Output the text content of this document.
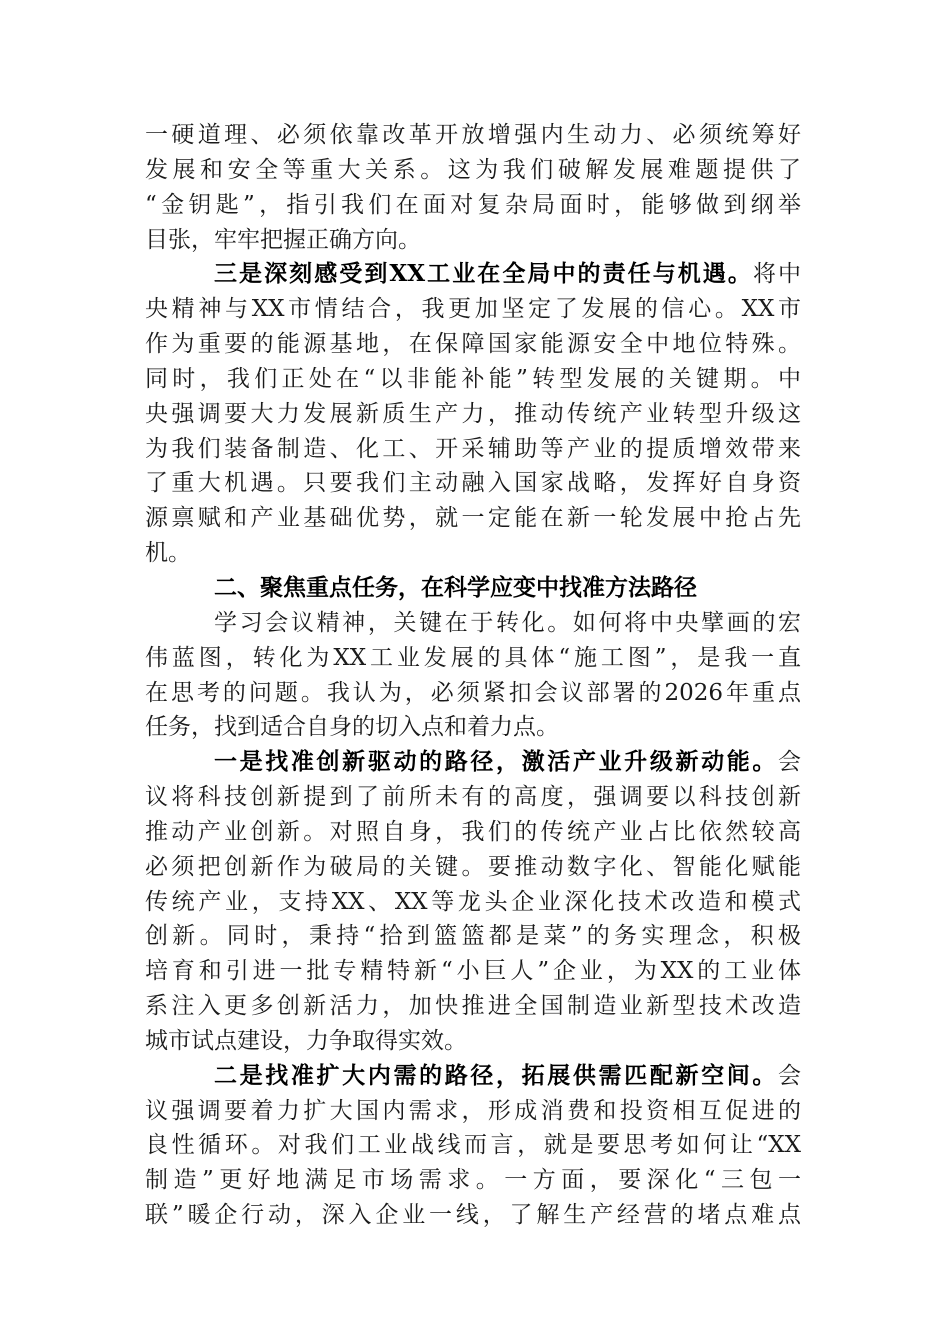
一硬道理、必须依靠改革开放增强内生动力、必须统筹好
发展和安全等重大关系。这为我们破解发展难题提供了
“金钥匙”，指引我们在面对复杂局面时，能够做到纲举
目张，牢牢把握正确方向。
三是深刻感受到XX工业在全局中的责任与机遇。将中
央精神与XX市情结合，我更加坚定了发展的信心。XX市
作为重要的能源基地，在保障国家能源安全中地位特殊。
同时，我们正处在“以非能补能”转型发展的关键期。中
央强调要大力发展新质生产力，推动传统产业转型升级这
为我们装备制造、化工、开采辅助等产业的提质增效带来
了重大机遇。只要我们主动融入国家战略，发挥好自身资
源禀赋和产业基础优势，就一定能在新一轮发展中抢占先
机。
二、聚焦重点任务，在科学应变中找准方法路径
学习会议精神，关键在于转化。如何将中央擘画的宏
伟蓝图，转化为XX工业发展的具体“施工图”，是我一直
在思考的问题。我认为，必须紧扣会议部署的2026年重点
任务，找到适合自身的切入点和着力点。
一是找准创新驱动的路径，激活产业升级新动能。会
议将科技创新提到了前所未有的高度，强调要以科技创新
推动产业创新。对照自身，我们的传统产业占比依然较高
必须把创新作为破局的关键。要推动数字化、智能化赋能
传统产业，支持XX、XX等龙头企业深化技术改造和模式
创新。同时，秉持“拾到篮篮都是菜”的务实理念，积极
培育和引进一批专精特新“小巨人”企业，为XX的工业体
系注入更多创新活力，加快推进全国制造业新型技术改造
城市试点建设，力争取得实效。
二是找准扩大内需的路径，拓展供需匹配新空间。会
议强调要着力扩大国内需求，形成消费和投资相互促进的
良性循环。对我们工业战线而言，就是要思考如何让“XX
制造”更好地满足市场需求。一方面，要深化“三包一
联”暖企行动，深入企业一线，了解生产经营的堵点难点
